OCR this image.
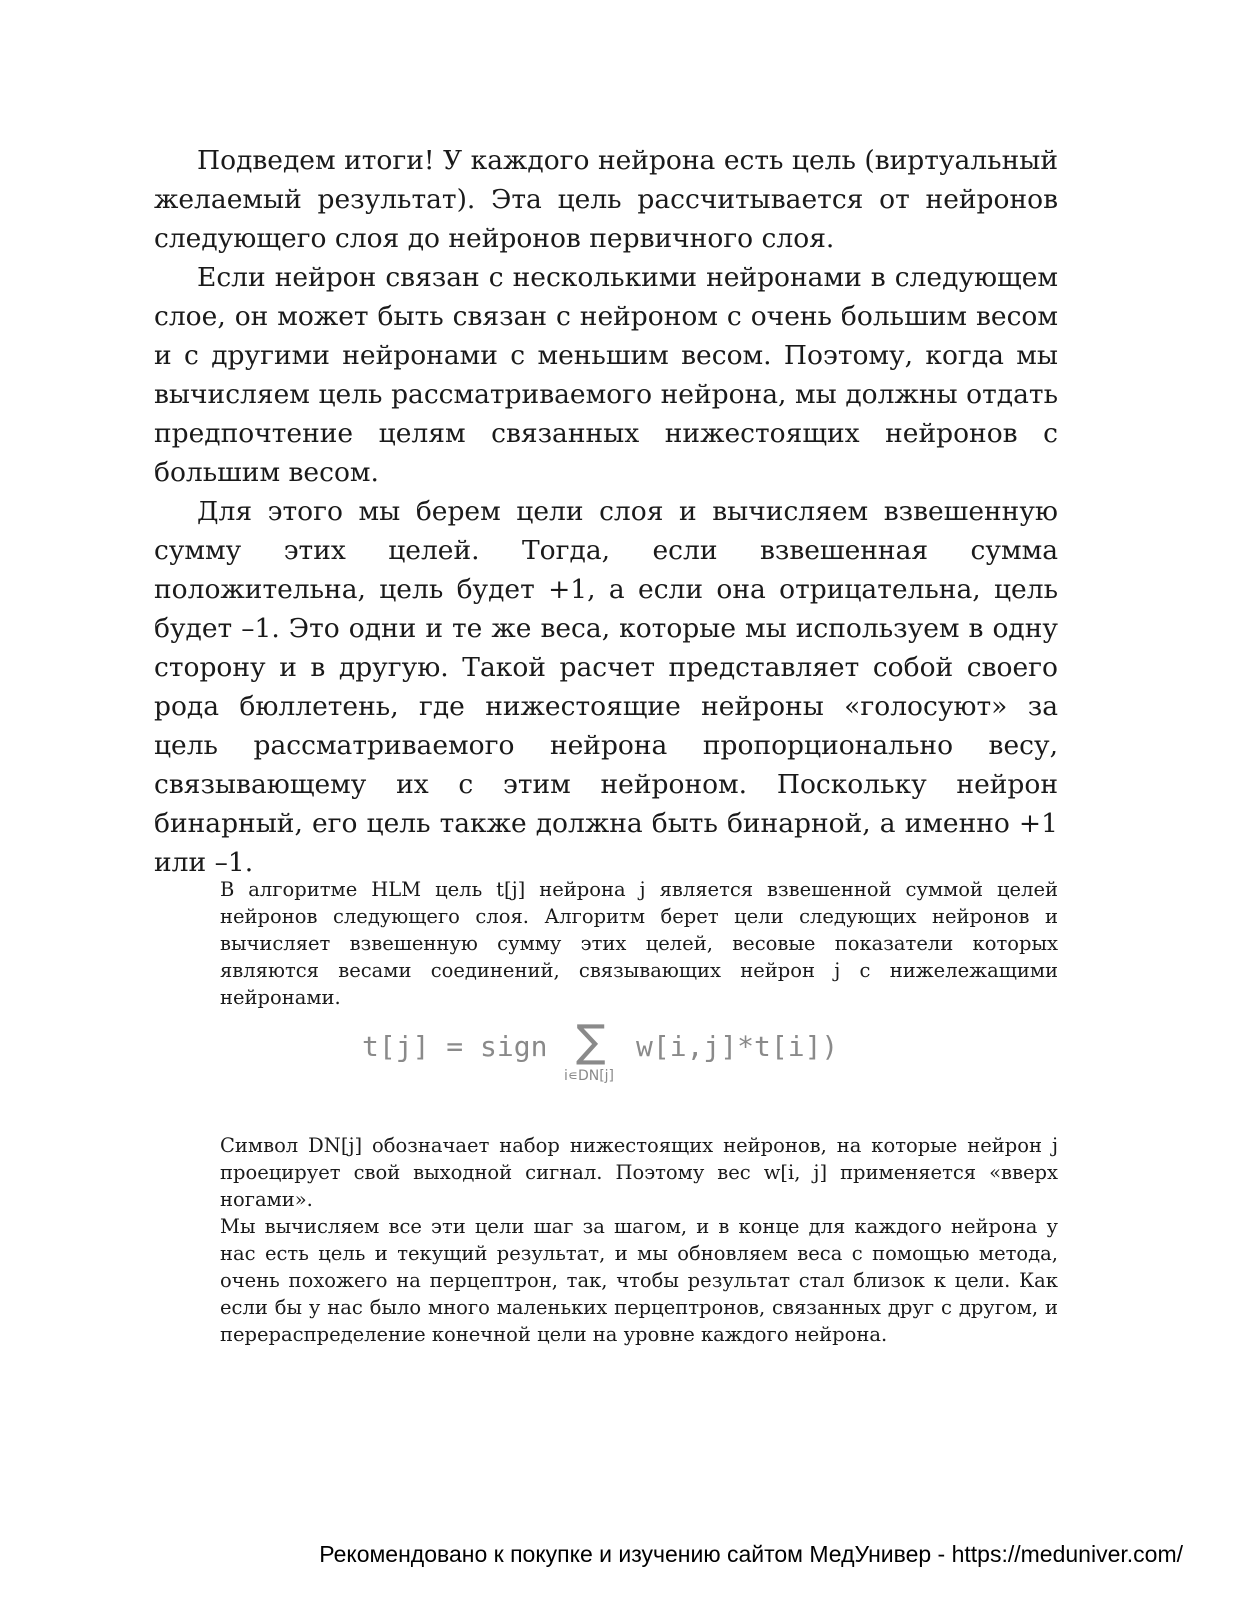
Подведем итоги! У каждого нейрона есть цель (виртуальный желаемый результат). Эта цель рассчитывается от нейронов следующего слоя до нейронов первичного слоя.

Если нейрон связан с несколькими нейронами в следующем слое, он может быть связан с нейроном с очень большим весом и с другими нейронами с меньшим весом. Поэтому, когда мы вычисляем цель рассматриваемого нейрона, мы должны отдать предпочтение целям связанных нижестоящих нейронов с большим весом.

Для этого мы берем цели слоя и вычисляем взвешенную сумму этих целей. Тогда, если взвешенная сумма положительна, цель будет +1, а если она отрицательна, цель будет –1. Это одни и те же веса, которые мы используем в одну сторону и в другую. Такой расчет представляет собой своего рода бюллетень, где нижестоящие нейроны «голосуют» за цель рассматриваемого нейрона пропорционально весу, связывающему их с этим нейроном. Поскольку нейрон бинарный, его цель также должна быть бинарной, а именно +1 или –1.

В алгоритме HLM цель t[j] нейрона j является взвешенной суммой целей нейронов следующего слоя. Алгоритм берет цели следующих нейронов и вычисляет взвешенную сумму этих целей, весовые показатели которых являются весами соединений, связывающих нейрон j с нижележащими нейронами.

t[j] = sign ∑
i∊DN[j]
w[i,j]*t[i])

Символ DN[j] обозначает набор нижестоящих нейронов, на которые нейрон j проецирует свой выходной сигнал. Поэтому вес w[i, j] применяется «вверх ногами».

Мы вычисляем все эти цели шаг за шагом, и в конце для каждого нейрона у нас есть цель и текущий результат, и мы обновляем веса с помощью метода, очень похожего на перцептрон, так, чтобы результат стал близок к цели. Как если бы у нас было много маленьких перцептронов, связанных друг с другом, и перераспределение конечной цели на уровне каждого нейрона.

Рекомендовано к покупке и изучению сайтом МедУнивер - https://meduniver.com/
